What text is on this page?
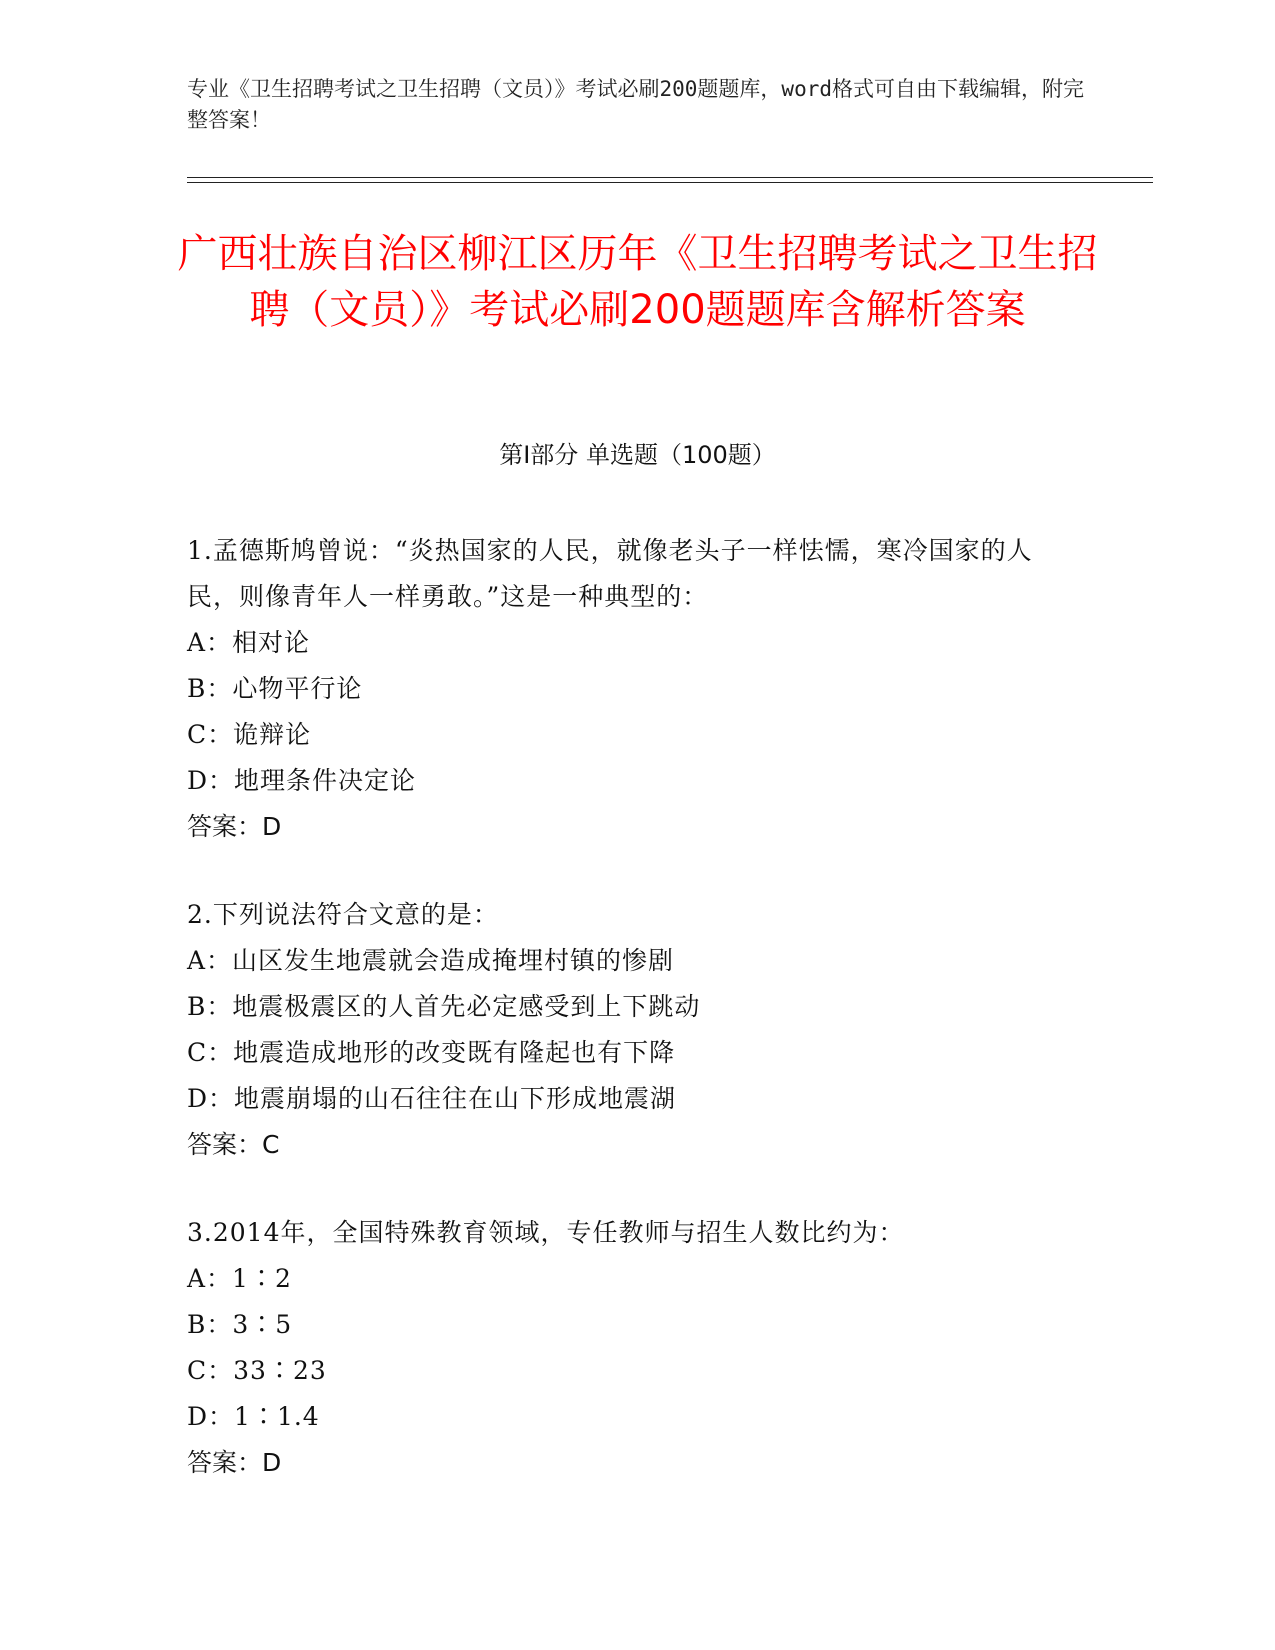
专业《卫生招聘考试之卫生招聘（文员）》考试必刷200题题库，word格式可自由下载编辑，附完整答案！
广西壮族自治区柳江区历年《卫生招聘考试之卫生招聘（文员）》考试必刷200题题库含解析答案
第Ⅰ部分 单选题（100题）
1.孟德斯鸠曾说：“炎热国家的人民，就像老头子一样怯懦，寒冷国家的人民，则像青年人一样勇敢。”这是一种典型的：
A：相对论
B：心物平行论
C：诡辩论
D：地理条件决定论
答案：D
2.下列说法符合文意的是：
A：山区发生地震就会造成掩埋村镇的惨剧
B：地震极震区的人首先必定感受到上下跳动
C：地震造成地形的改变既有隆起也有下降
D：地震崩塌的山石往往在山下形成地震湖
答案：C
3.2014年，全国特殊教育领域，专任教师与招生人数比约为：
A：1∶2
B：3∶5
C：33∶23
D：1∶1.4
答案：D
